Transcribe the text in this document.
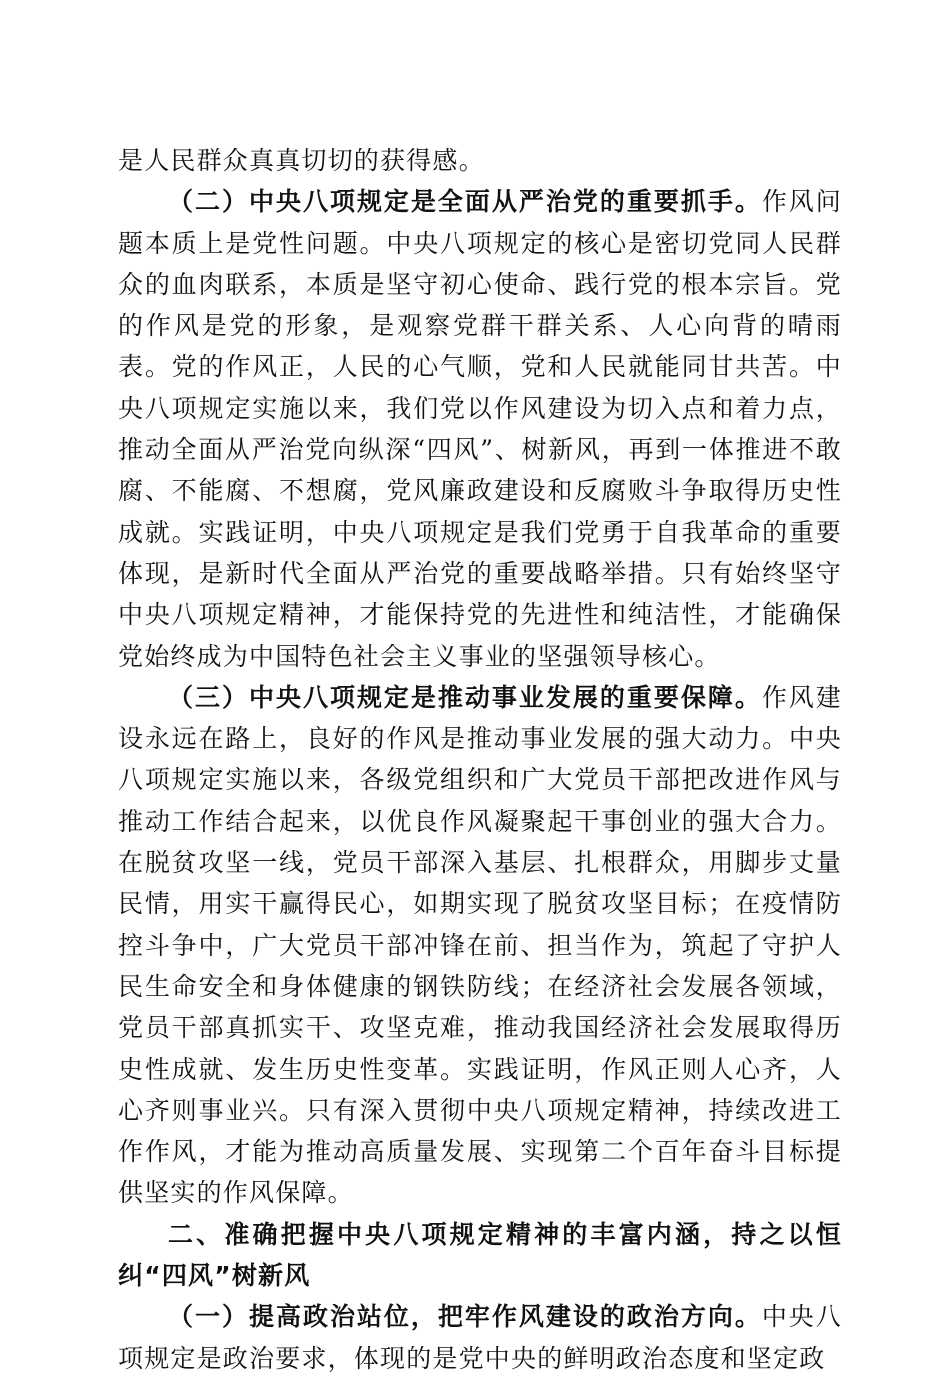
是人民群众真真切切的获得感。

（二）中央八项规定是全面从严治党的重要抓手。作风问题本质上是党性问题。中央八项规定的核心是密切党同人民群众的血肉联系，本质是坚守初心使命、践行党的根本宗旨。党的作风是党的形象，是观察党群干群关系、人心向背的晴雨表。党的作风正，人民的心气顺，党和人民就能同甘共苦。中央八项规定实施以来，我们党以作风建设为切入点和着力点，推动全面从严治党向纵深“四风”、树新风，再到一体推进不敢腐、不能腐、不想腐，党风廉政建设和反腐败斗争取得历史性成就。实践证明，中央八项规定是我们党勇于自我革命的重要体现，是新时代全面从严治党的重要战略举措。只有始终坚守中央八项规定精神，才能保持党的先进性和纯洁性，才能确保党始终成为中国特色社会主义事业的坚强领导核心。

（三）中央八项规定是推动事业发展的重要保障。作风建设永远在路上，良好的作风是推动事业发展的强大动力。中央八项规定实施以来，各级党组织和广大党员干部把改进作风与推动工作结合起来，以优良作风凝聚起干事创业的强大合力。在脱贫攻坚一线，党员干部深入基层、扎根群众，用脚步丈量民情，用实干赢得民心，如期实现了脱贫攻坚目标；在疫情防控斗争中，广大党员干部冲锋在前、担当作为，筑起了守护人民生命安全和身体健康的钢铁防线；在经济社会发展各领域，党员干部真抓实干、攻坚克难，推动我国经济社会发展取得历史性成就、发生历史性变革。实践证明，作风正则人心齐，人心齐则事业兴。只有深入贯彻中央八项规定精神，持续改进工作作风，才能为推动高质量发展、实现第二个百年奋斗目标提供坚实的作风保障。

二、准确把握中央八项规定精神的丰富内涵，持之以恒纠“四风”树新风

（一）提高政治站位，把牢作风建设的政治方向。中央八项规定是政治要求，体现的是党中央的鲜明政治态度和坚定政
